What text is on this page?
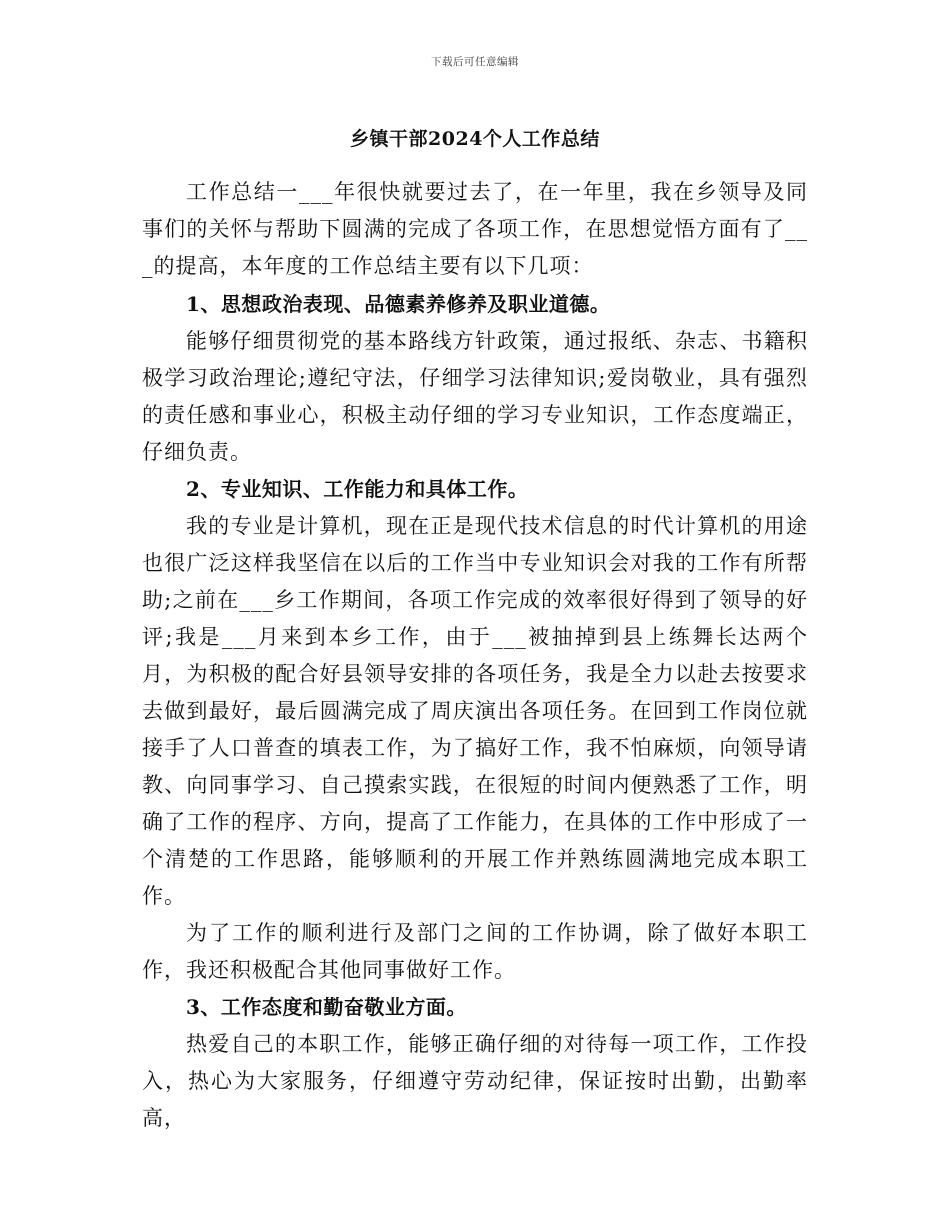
下载后可任意编辑
乡镇干部2024个人工作总结

工作总结一___年很快就要过去了，在一年里，我在乡领导及同事们的关怀与帮助下圆满的完成了各项工作，在思想觉悟方面有了___的提高，本年度的工作总结主要有以下几项：

1、思想政治表现、品德素养修养及职业道德。

能够仔细贯彻党的基本路线方针政策，通过报纸、杂志、书籍积极学习政治理论;遵纪守法，仔细学习法律知识;爱岗敬业，具有强烈的责任感和事业心，积极主动仔细的学习专业知识，工作态度端正，仔细负责。

2、专业知识、工作能力和具体工作。

我的专业是计算机，现在正是现代技术信息的时代计算机的用途也很广泛这样我坚信在以后的工作当中专业知识会对我的工作有所帮助;之前在___乡工作期间，各项工作完成的效率很好得到了领导的好评;我是___月来到本乡工作，由于___被抽掉到县上练舞长达两个月，为积极的配合好县领导安排的各项任务，我是全力以赴去按要求去做到最好，最后圆满完成了周庆演出各项任务。在回到工作岗位就接手了人口普查的填表工作，为了搞好工作，我不怕麻烦，向领导请教、向同事学习、自己摸索实践，在很短的时间内便熟悉了工作，明确了工作的程序、方向，提高了工作能力，在具体的工作中形成了一个清楚的工作思路，能够顺利的开展工作并熟练圆满地完成本职工作。

为了工作的顺利进行及部门之间的工作协调，除了做好本职工作，我还积极配合其他同事做好工作。

3、工作态度和勤奋敬业方面。

热爱自己的本职工作，能够正确仔细的对待每一项工作，工作投入，热心为大家服务，仔细遵守劳动纪律，保证按时出勤，出勤率高，
